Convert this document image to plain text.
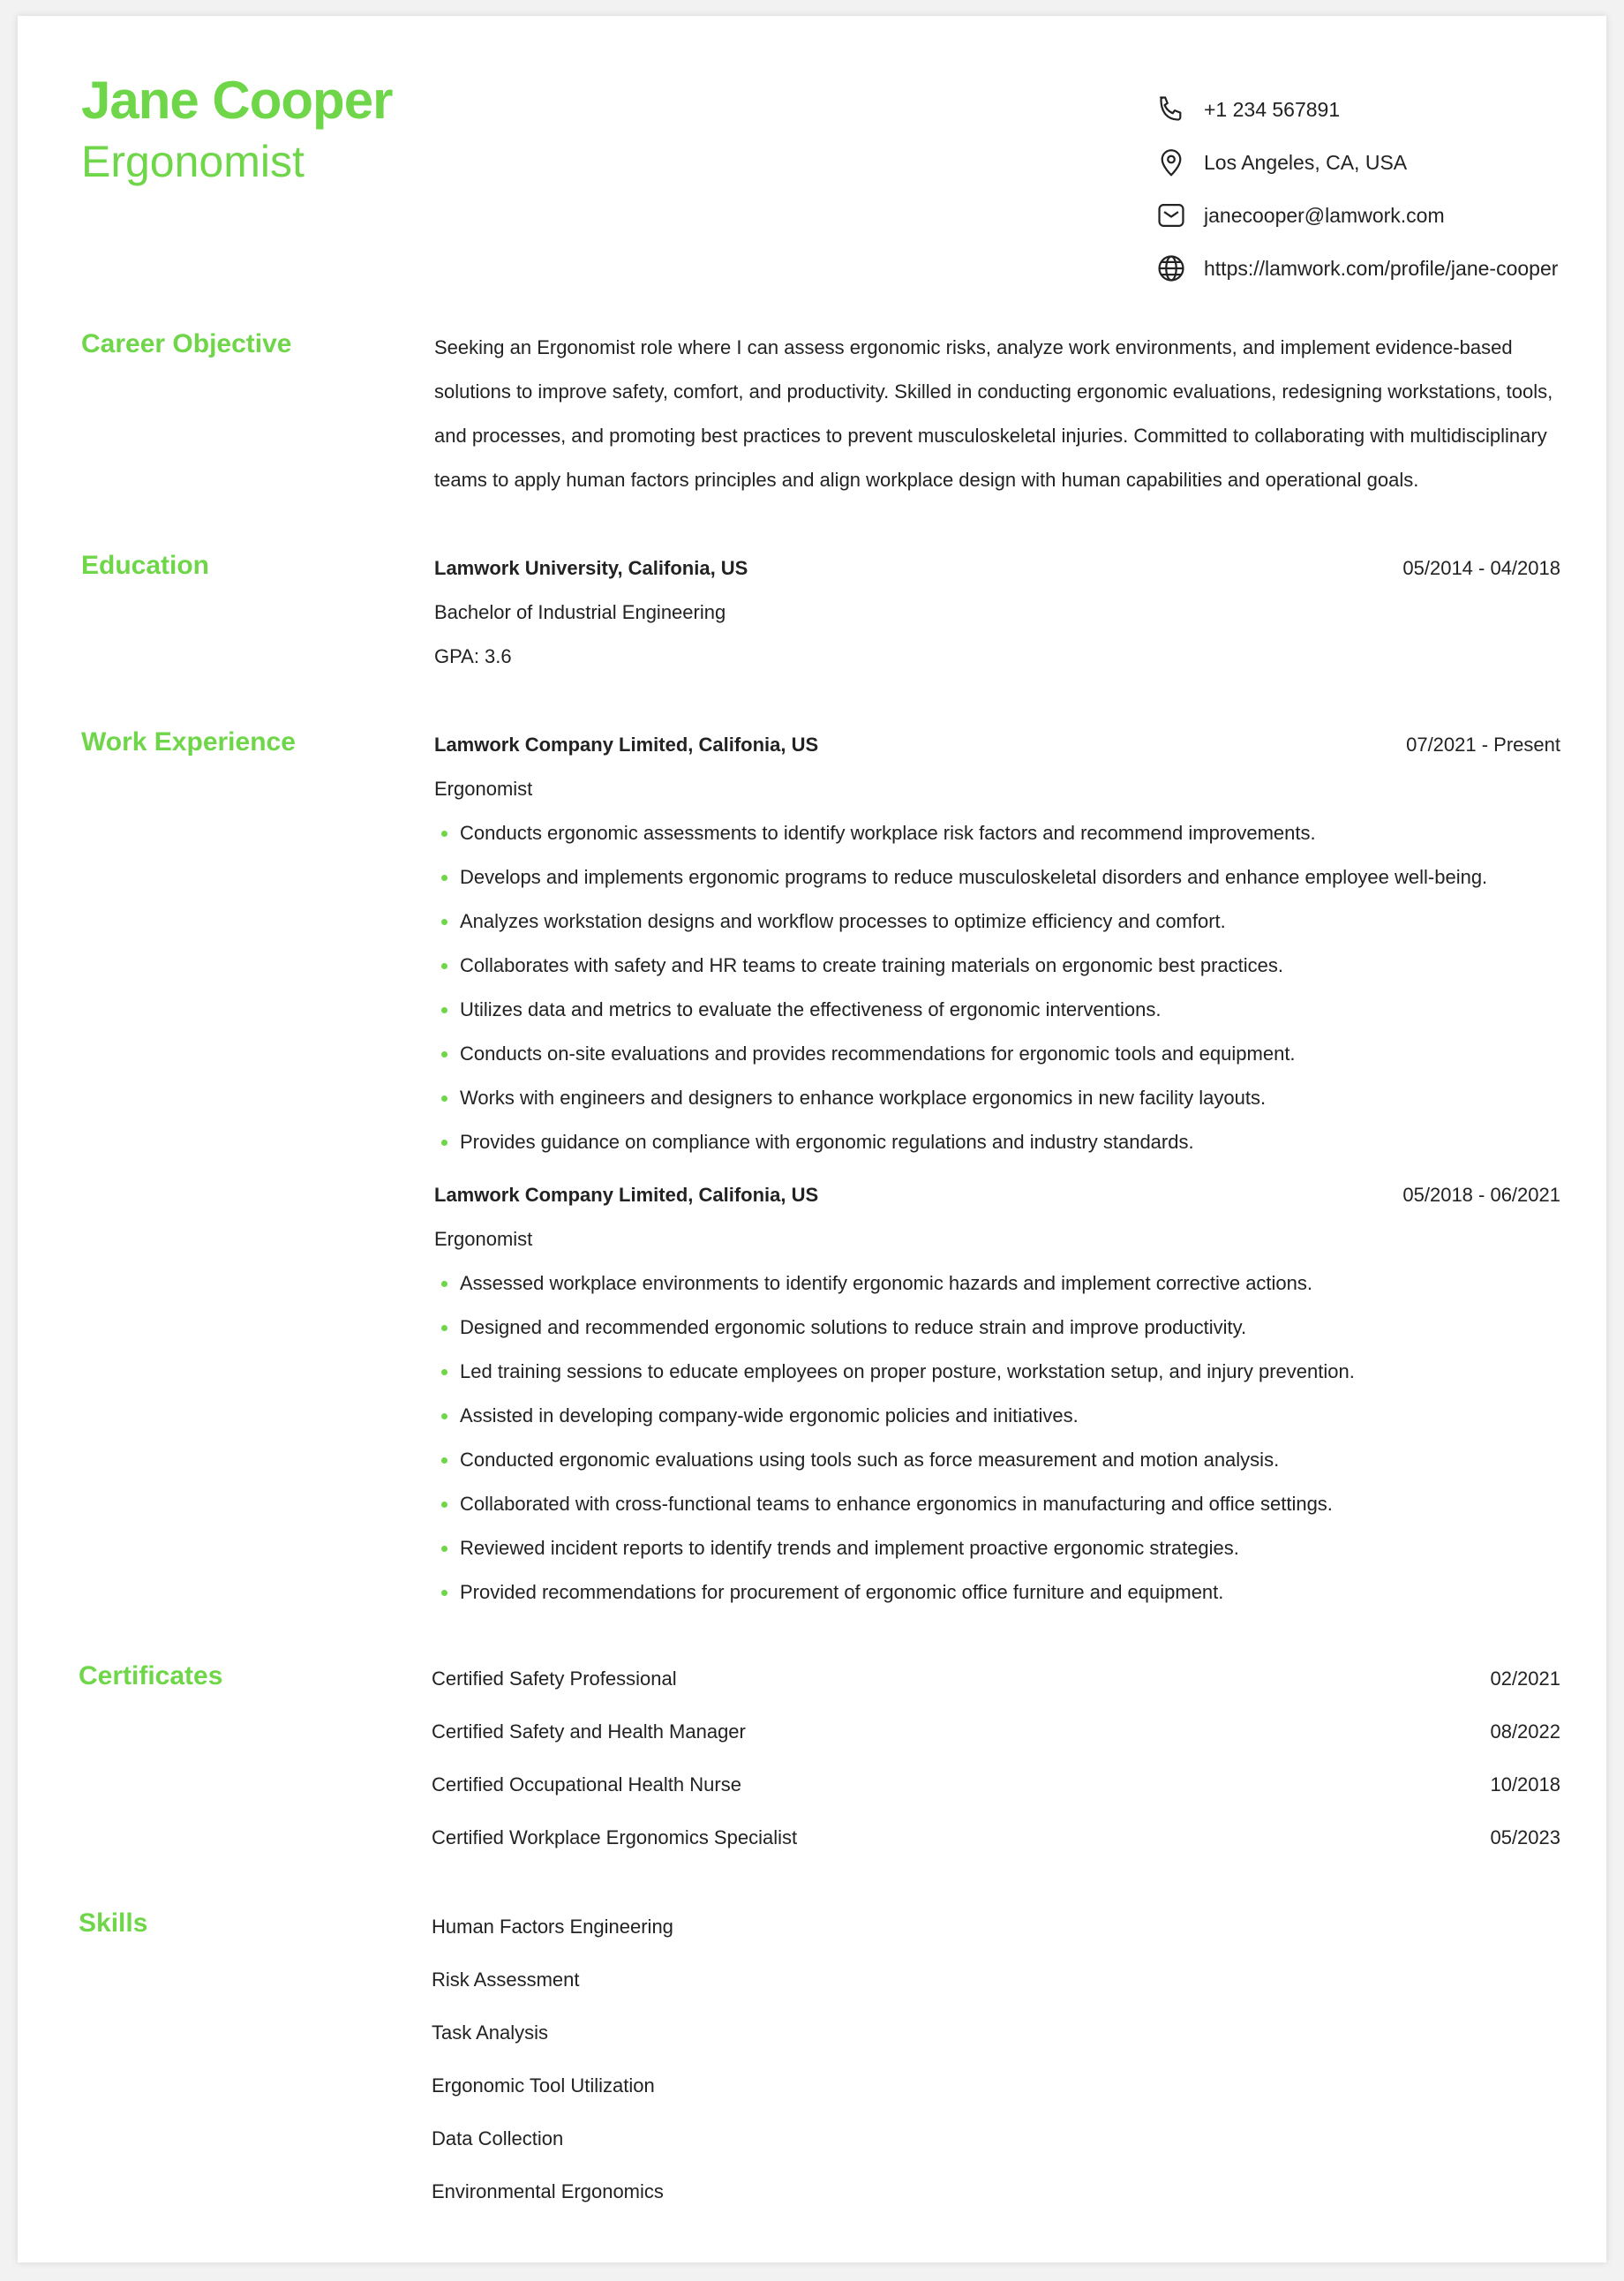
Jane Cooper
Ergonomist
+1 234 567891
Los Angeles, CA, USA
janecooper@lamwork.com
https://lamwork.com/profile/jane-cooper
Career Objective	Seeking an Ergonomist role where I can assess ergonomic risks, analyze work environments, and implement evidence-based solutions to improve safety, comfort, and productivity. Skilled in conducting ergonomic evaluations, redesigning workstations, tools, and processes, and promoting best practices to prevent musculoskeletal injuries. Committed to collaborating with multidisciplinary teams to apply human factors principles and align workplace design with human capabilities and operational goals.
Education	Lamwork University, Califonia, US	05/2014 - 04/2018
Bachelor of Industrial Engineering
GPA: 3.6
Work Experience	Lamwork Company Limited, Califonia, US	07/2021 - Present
Ergonomist
Conducts ergonomic assessments to identify workplace risk factors and recommend improvements.
Develops and implements ergonomic programs to reduce musculoskeletal disorders and enhance employee well-being.
Analyzes workstation designs and workflow processes to optimize efficiency and comfort.
Collaborates with safety and HR teams to create training materials on ergonomic best practices.
Utilizes data and metrics to evaluate the effectiveness of ergonomic interventions.
Conducts on-site evaluations and provides recommendations for ergonomic tools and equipment.
Works with engineers and designers to enhance workplace ergonomics in new facility layouts.
Provides guidance on compliance with ergonomic regulations and industry standards.
Lamwork Company Limited, Califonia, US	05/2018 - 06/2021
Ergonomist
Assessed workplace environments to identify ergonomic hazards and implement corrective actions.
Designed and recommended ergonomic solutions to reduce strain and improve productivity.
Led training sessions to educate employees on proper posture, workstation setup, and injury prevention.
Assisted in developing company-wide ergonomic policies and initiatives.
Conducted ergonomic evaluations using tools such as force measurement and motion analysis.
Collaborated with cross-functional teams to enhance ergonomics in manufacturing and office settings.
Reviewed incident reports to identify trends and implement proactive ergonomic strategies.
Provided recommendations for procurement of ergonomic office furniture and equipment.
Certificates	Certified Safety Professional	02/2021
Certified Safety and Health Manager	08/2022
Certified Occupational Health Nurse	10/2018
Certified Workplace Ergonomics Specialist	05/2023
Skills	Human Factors Engineering
Risk Assessment
Task Analysis
Ergonomic Tool Utilization
Data Collection
Environmental Ergonomics
